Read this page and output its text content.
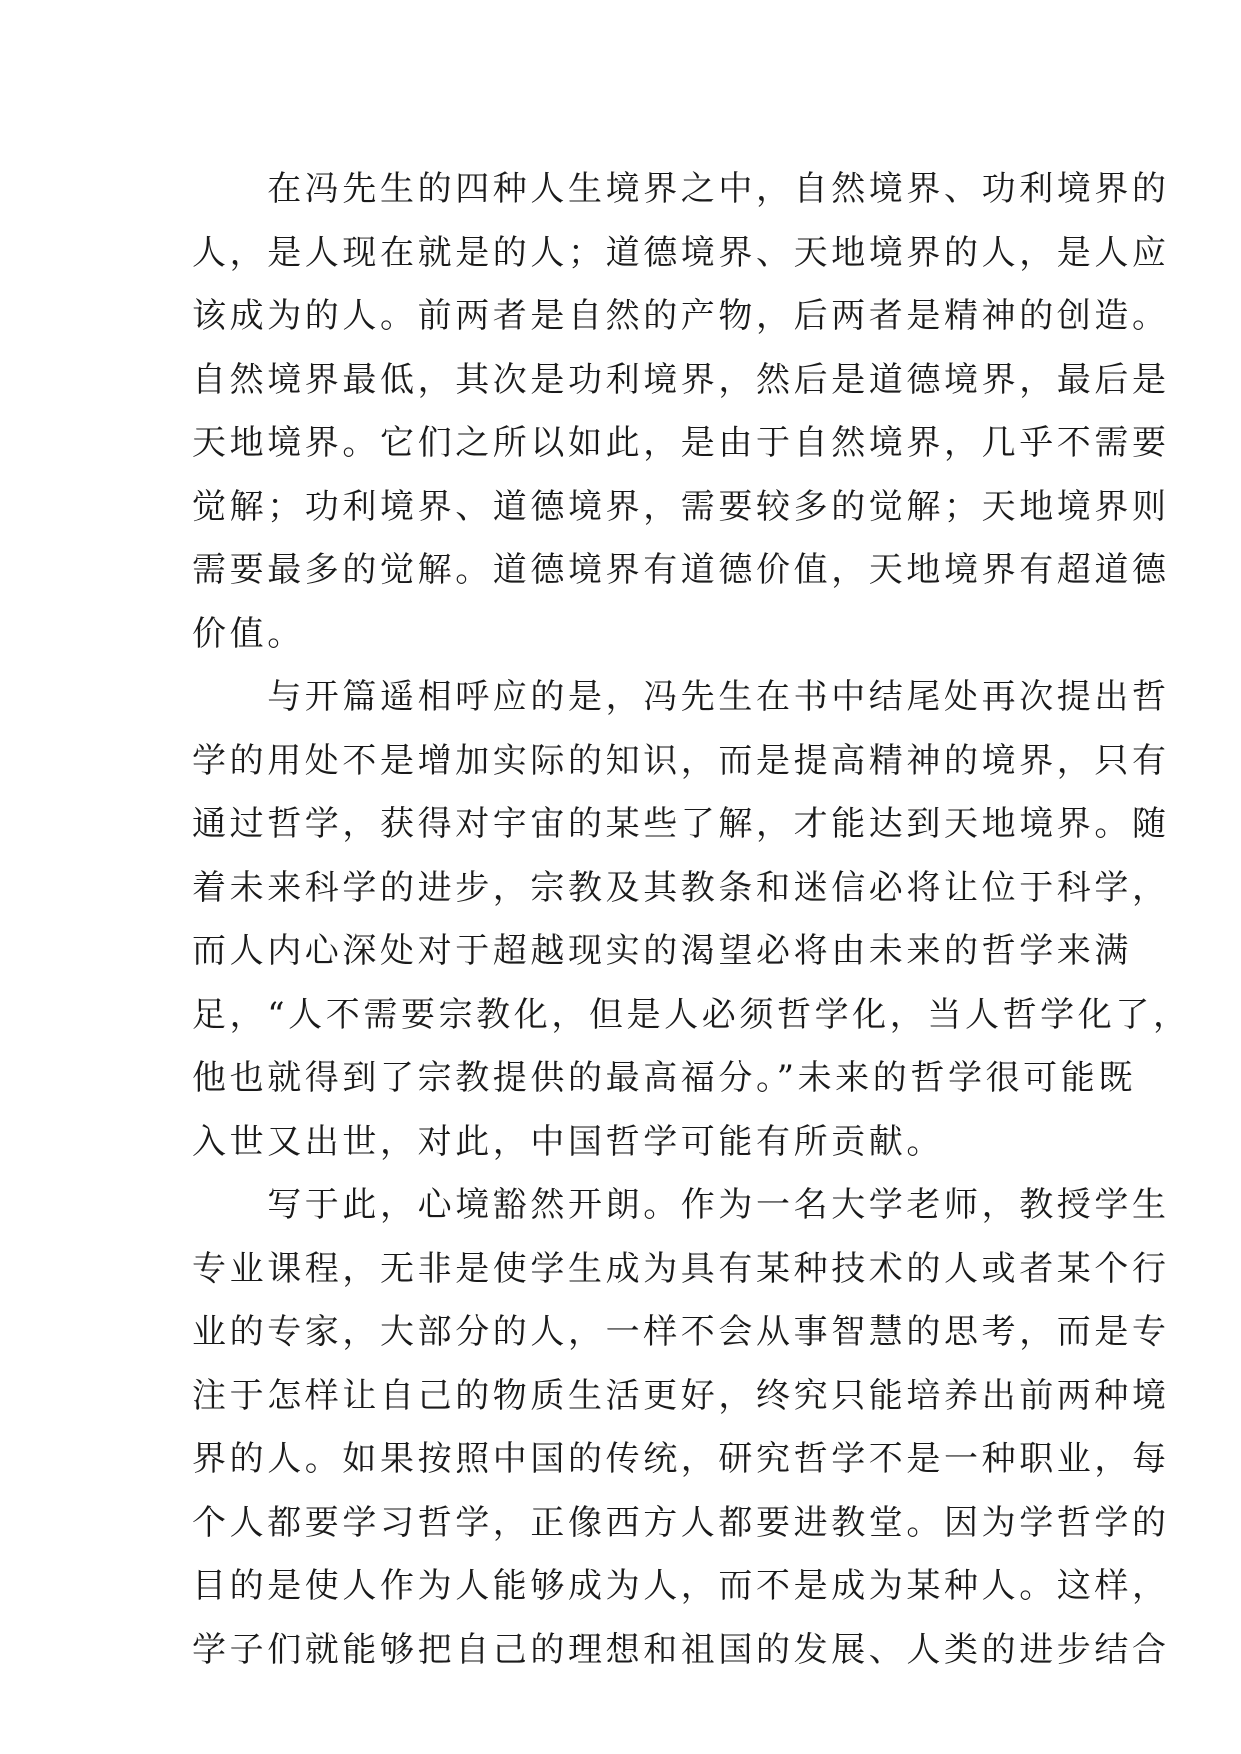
　　在冯先生的四种人生境界之中，自然境界、功利境界的
人，是人现在就是的人；道德境界、天地境界的人，是人应
该成为的人。前两者是自然的产物，后两者是精神的创造。
自然境界最低，其次是功利境界，然后是道德境界，最后是
天地境界。它们之所以如此，是由于自然境界，几乎不需要
觉解；功利境界、道德境界，需要较多的觉解；天地境界则
需要最多的觉解。道德境界有道德价值，天地境界有超道德
价值。
　　与开篇遥相呼应的是，冯先生在书中结尾处再次提出哲
学的用处不是增加实际的知识，而是提高精神的境界，只有
通过哲学，获得对宇宙的某些了解，才能达到天地境界。随
着未来科学的进步，宗教及其教条和迷信必将让位于科学，
而人内心深处对于超越现实的渴望必将由未来的哲学来满
足，“人不需要宗教化，但是人必须哲学化，当人哲学化了，
他也就得到了宗教提供的最高福分。”未来的哲学很可能既
入世又出世，对此，中国哲学可能有所贡献。
　　写于此，心境豁然开朗。作为一名大学老师，教授学生
专业课程，无非是使学生成为具有某种技术的人或者某个行
业的专家，大部分的人，一样不会从事智慧的思考，而是专
注于怎样让自己的物质生活更好，终究只能培养出前两种境
界的人。如果按照中国的传统，研究哲学不是一种职业，每
个人都要学习哲学，正像西方人都要进教堂。因为学哲学的
目的是使人作为人能够成为人，而不是成为某种人。这样，
学子们就能够把自己的理想和祖国的发展、人类的进步结合
